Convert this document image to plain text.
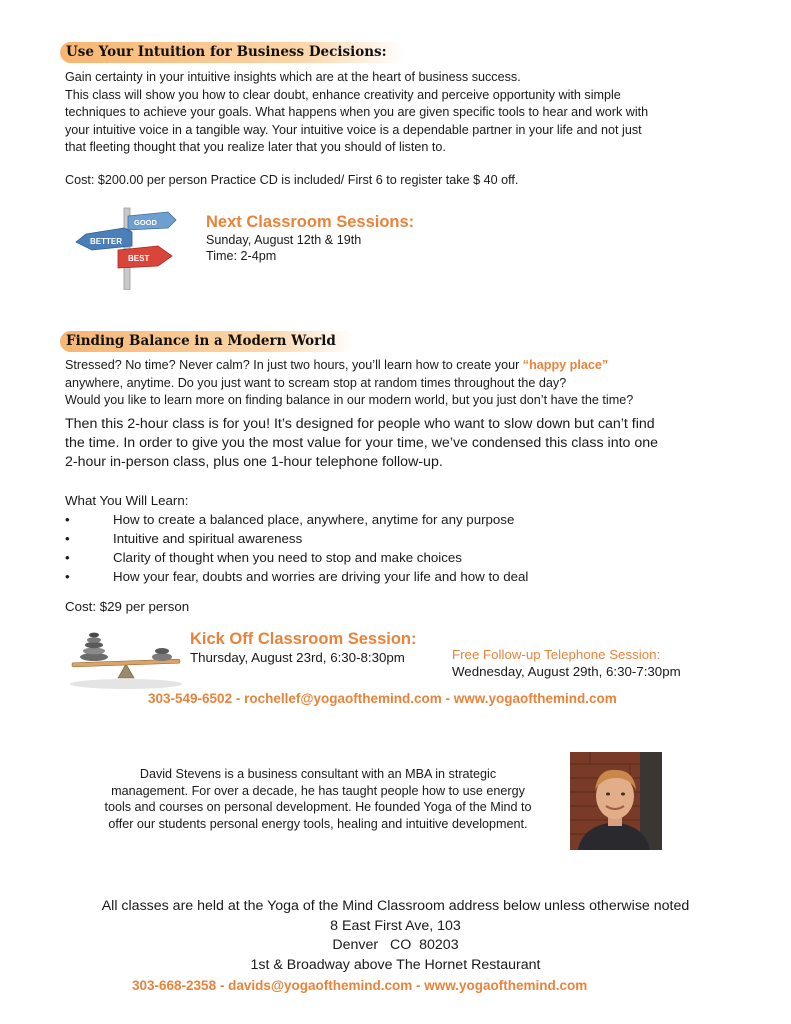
Use Your Intuition for Business Decisions:

Gain certainty in your intuitive insights which are at the heart of business success.

This class will show you how to clear doubt, enhance creativity and perceive opportunity with simple

techniques to achieve your goals. What happens when you are given specific tools to hear and work with

your intuitive voice in a tangible way. Your intuitive voice is a dependable partner in your life and not just

that fleeting thought that you realize later that you should of listen to.

Cost: $200.00 per person Practice CD is included/ First 6 to register take $ 40 off.
GOOD
BETTER
BEST
Next Classroom Sessions:
Sunday, August 12th & 19th
Time: 2-4pm
Finding Balance in a Modern World

Stressed? No time? Never calm? In just two hours, you’ll learn how to create your “happy place”

anywhere, anytime. Do you just want to scream stop at random times throughout the day?

Would you like to learn more on finding balance in our modern world, but you just don’t have the time?

Then this 2-hour class is for you! It’s designed for people who want to slow down but can’t find

the time. In order to give you the most value for your time, we’ve condensed this class into one

2-hour in-person class, plus one 1-hour telephone follow-up.

What You Will Learn:
• How to create a balanced place, anywhere, anytime for any purpose
• Intuitive and spiritual awareness
• Clarity of thought when you need to stop and make choices
• How your fear, doubts and worries are driving your life and how to deal
Cost: $29 per person
Kick Off Classroom Session:
Thursday, August 23rd, 6:30-8:30pm	Free Follow-up Telephone Session:
Wednesday, August 29th, 6:30-7:30pm
303-549-6502 - rochellef@yogaofthemind.com - www.yogaofthemind.com

David Stevens is a business consultant with an MBA in strategic

management. For over a decade, he has taught people how to use energy

tools and courses on personal development. He founded Yoga of the Mind to

offer our students personal energy tools, healing and intuitive development.

All classes are held at the Yoga of the Mind Classroom address below unless otherwise noted

8 East First Ave, 103

Denver   CO  80203

1st & Broadway above The Hornet Restaurant

303-668-2358 - davids@yogaofthemind.com - www.yogaofthemind.com
